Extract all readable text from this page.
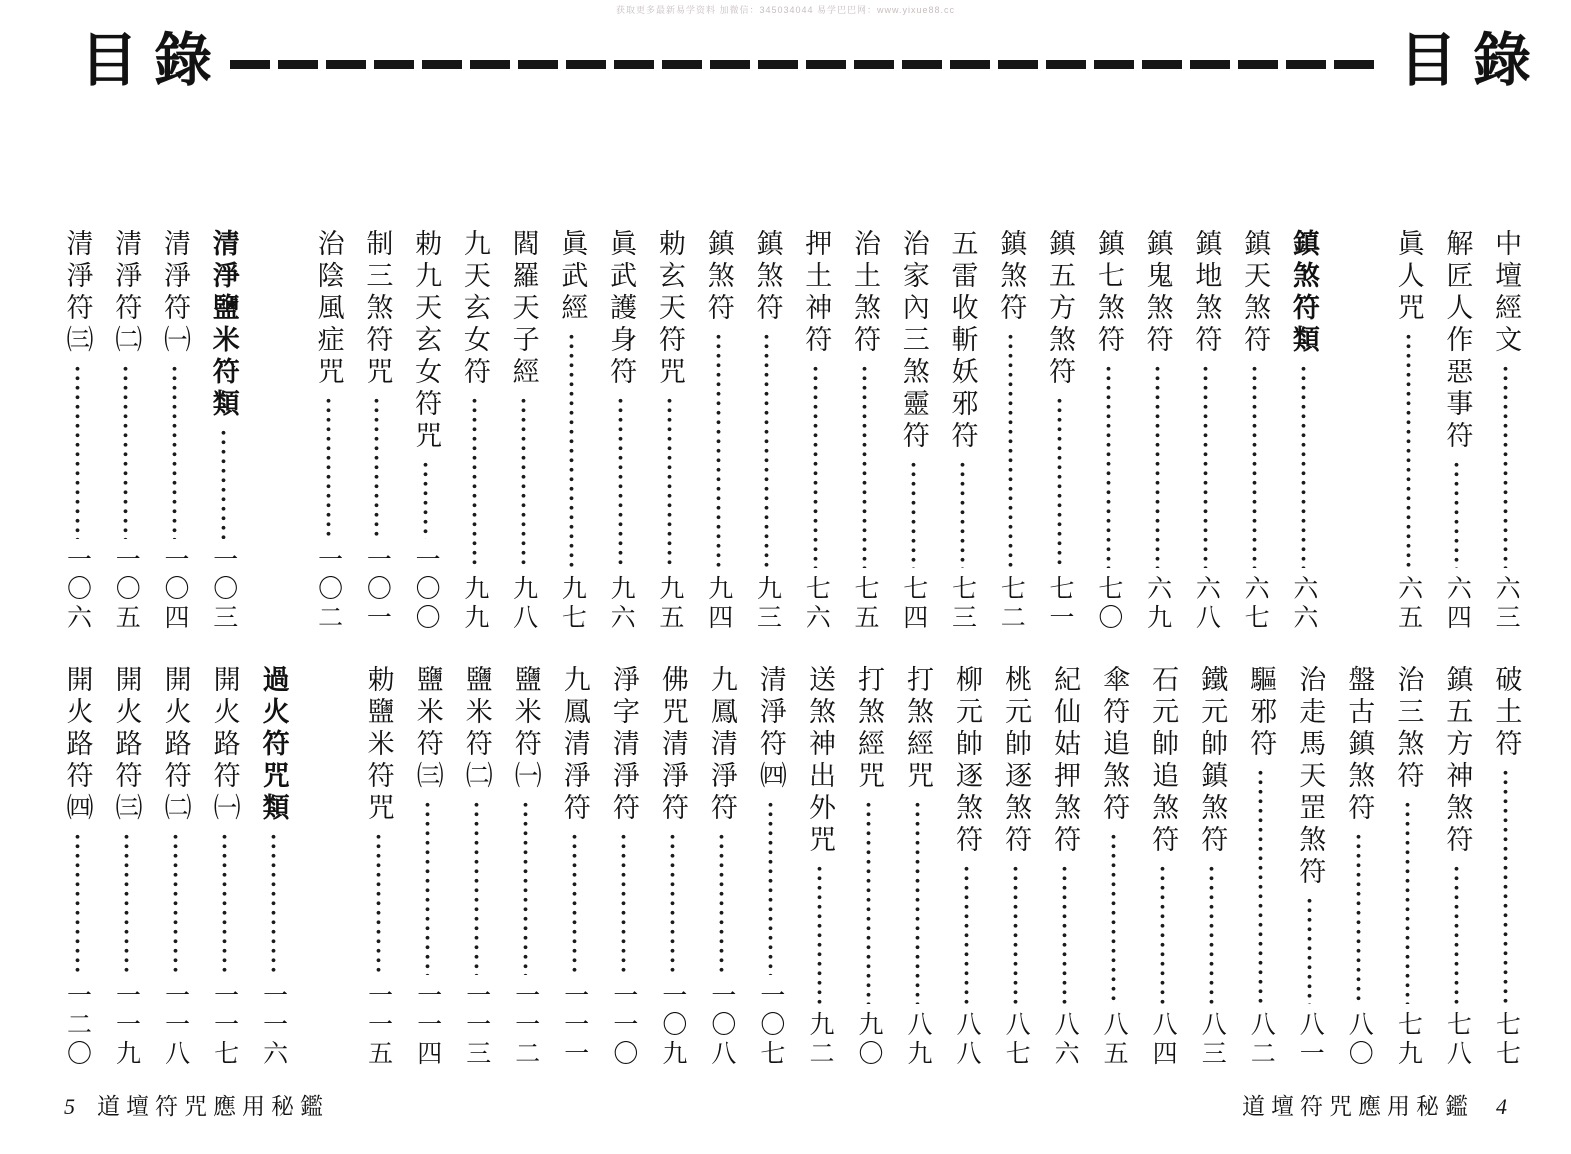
获取更多最新易学资料 加微信：345034044 易学巴巴网：www.yixue88.cc
目錄	目錄
中壇經文
六三
解匠人作惡事符
六四
眞人咒
六五
鎮煞符類
六六
鎮天煞符
六七
鎮地煞符
六八
鎮鬼煞符
六九
鎮七煞符
七〇
鎮五方煞符
七一
鎮煞符
七二
五雷收斬妖邪符
七三
治家內三煞靈符
七四
治土煞符
七五
押土神符
七六
鎮煞符
九三
鎮煞符
九四
勅玄天符咒
九五
眞武護身符
九六
眞武經
九七
閻羅天子經
九八
九天玄女符
九九
勅九天玄女符咒
一〇〇
制三煞符咒
一〇一
治陰風症咒
一〇二
清淨鹽米符類
一〇三
清淨符㈠
一〇四
清淨符㈡
一〇五
清淨符㈢
一〇六
破土符
七七
鎮五方神煞符
七八
治三煞符
七九
盤古鎮煞符
八〇
治走馬天罡煞符
八一
驅邪符
八二
鐵元帥鎮煞符
八三
石元帥追煞符
八四
傘符追煞符
八五
紀仙姑押煞符
八六
桃元帥逐煞符
八七
柳元帥逐煞符
八八
打煞經咒
八九
打煞經咒
九〇
送煞神出外咒
九二
清淨符㈣
一〇七
九鳳清淨符
一〇八
佛咒清淨符
一〇九
淨字清淨符
一一〇
九鳳清淨符
一一一
鹽米符㈠
一一二
鹽米符㈡
一一三
鹽米符㈢
一一四
勅鹽米符咒
一一五
過火符咒類
一一六
開火路符㈠
一一七
開火路符㈡
一一八
開火路符㈢
一一九
開火路符㈣
一二〇
5 道壇符咒應用秘鑑	道壇符咒應用秘鑑 4
